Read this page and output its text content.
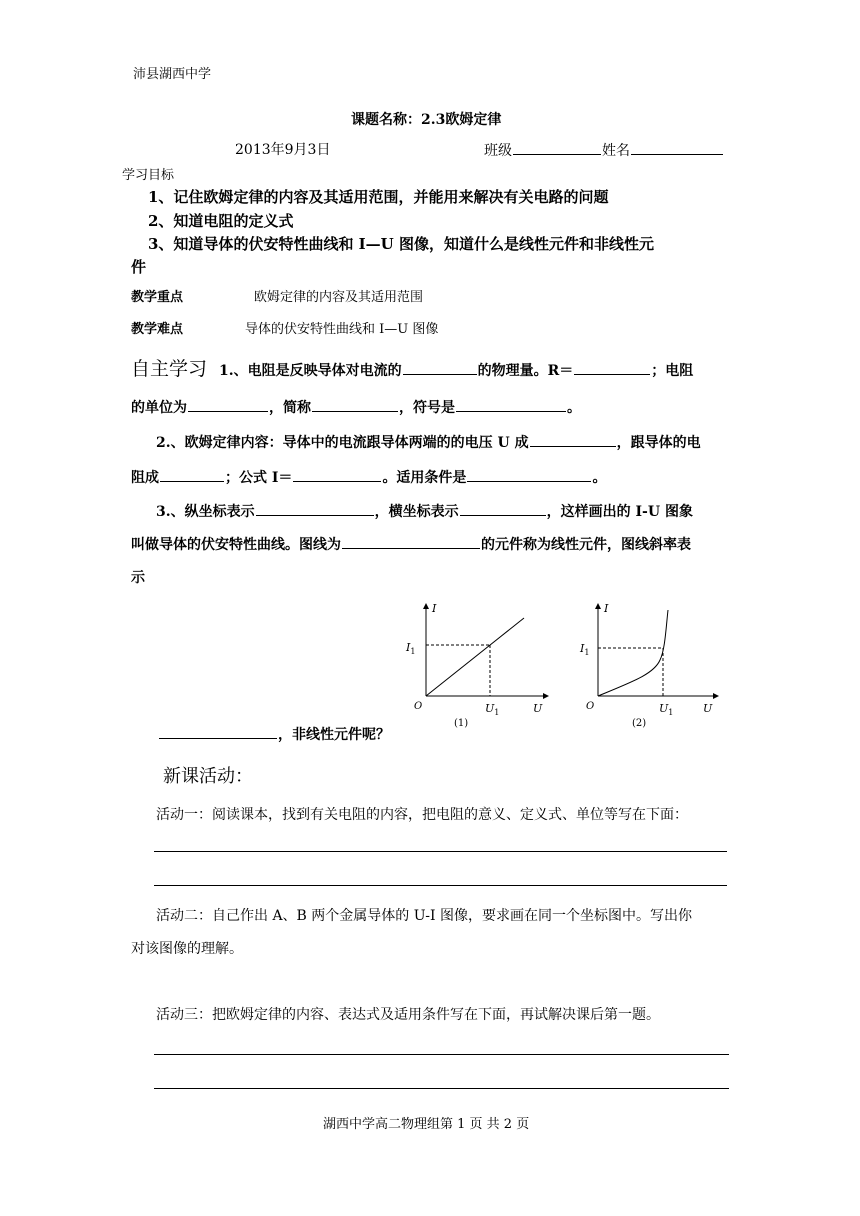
沛县湖西中学
课题名称：2.3欧姆定律
2013年9月3日	班级	姓名
学习目标
1、记住欧姆定律的内容及其适用范围，并能用来解决有关电路的问题
2、知道电阻的定义式
3、知道导体的伏安特性曲线和 I—U 图像，知道什么是线性元件和非线性元
件
教学重点	欧姆定律的内容及其适用范围
教学难点	导体的伏安特性曲线和 I—U 图像
自主学习 1.、电阻是反映导体对电流的	的物理量。R＝	；电阻
的单位为	，简称	，符号是	。
2.、欧姆定律内容：导体中的电流跟导体两端的的电压 U 成	，跟导体的电
阻成	；公式 I＝	。适用条件是	。
3.、纵坐标表示	，横坐标表示	，这样画出的 I-U 图象
叫做导体的伏安特性曲线。图线为	的元件称为线性元件，图线斜率表
示
，非线性元件呢？
I
$I_1$
O	$U_1$	U
(1)
I
$I_1$
O	$U_1$	U
(2)
新课活动：
活动一：阅读课本，找到有关电阻的内容，把电阻的意义、定义式、单位等写在下面：
活动二：自己作出 A、B 两个金属导体的 U-I 图像，要求画在同一个坐标图中。写出你
对该图像的理解。
活动三：把欧姆定律的内容、表达式及适用条件写在下面，再试解决课后第一题。
湖西中学高二物理组第 1 页 共 2 页
